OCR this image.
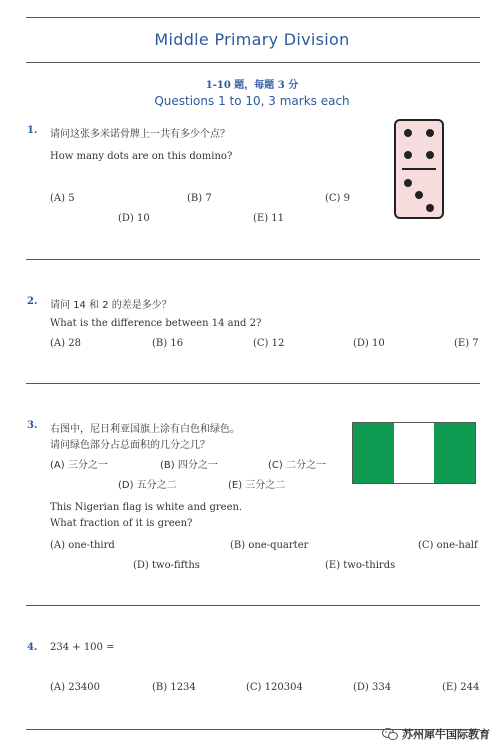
Middle Primary Division
1-10 题，每题 3 分
Questions 1 to 10, 3 marks each
1. 请问这张多米诺骨牌上一共有多少个点？
How many dots are on this domino?
(A) 5	(B) 7	(C) 9
(D) 10	(E) 11
2. 请问 14 和 2 的差是多少？
What is the difference between 14 and 2?
(A) 28	(B) 16	(C) 12	(D) 10	(E) 7
3. 右图中，尼日利亚国旗上涂有白色和绿色。
请问绿色部分占总面积的几分之几？
(A) 三分之一	(B) 四分之一	(C) 二分之一
(D) 五分之二	(E) 三分之二
This Nigerian flag is white and green.
What fraction of it is green?
(A) one-third	(B) one-quarter	(C) one-half
(D) two-fifths	(E) two-thirds
4. 234 + 100 =
(A) 23400	(B) 1234	(C) 120304	(D) 334	(E) 244
苏州犀牛国际教育
